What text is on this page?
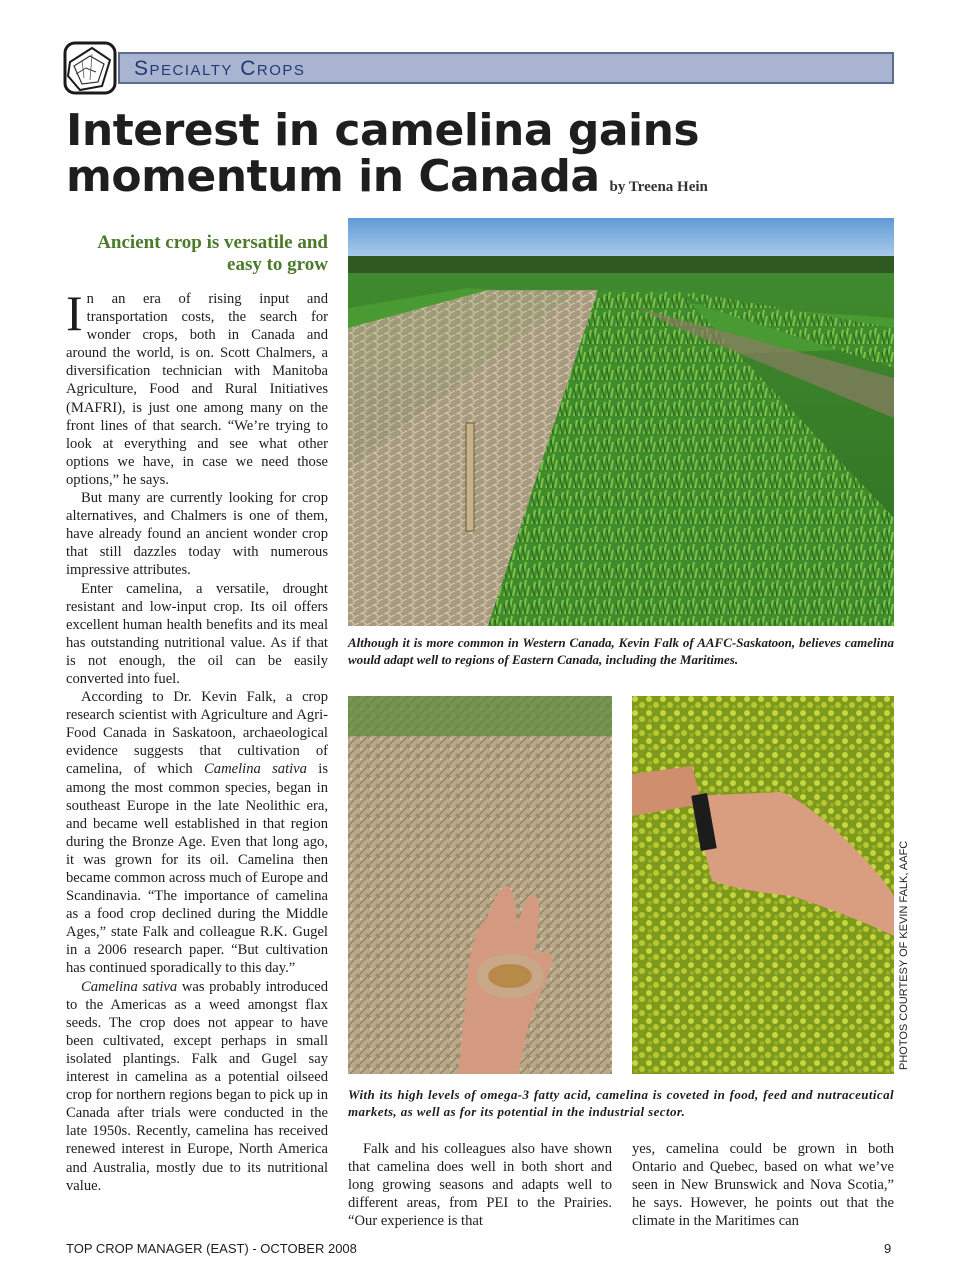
Specialty Crops
Interest in camelina gains momentum in Canada by Treena Hein
Ancient crop is versatile and easy to grow

In an era of rising input and transportation costs, the search for wonder crops, both in Canada and around the world, is on. Scott Chalmers, a diversification technician with Manitoba Agriculture, Food and Rural Initiatives (MAFRI), is just one among many on the front lines of that search. “We’re trying to look at everything and see what other options we have, in case we need those options,” he says.

But many are currently looking for crop alternatives, and Chalmers is one of them, have already found an ancient wonder crop that still dazzles today with numerous impressive attributes.

Enter camelina, a versatile, drought resistant and low-input crop. Its oil offers excellent human health benefits and its meal has outstanding nutritional value. As if that is not enough, the oil can be easily converted into fuel.

According to Dr. Kevin Falk, a crop research scientist with Agriculture and Agri-Food Canada in Saskatoon, archaeological evidence suggests that cultivation of camelina, of which Camelina sativa is among the most common species, began in southeast Europe in the late Neolithic era, and became well established in that region during the Bronze Age. Even that long ago, it was grown for its oil. Camelina then became common across much of Europe and Scandinavia. “The importance of camelina as a food crop declined during the Middle Ages,” state Falk and colleague R.K. Gugel in a 2006 research paper. “But cultivation has continued sporadically to this day.”

Camelina sativa was probably introduced to the Americas as a weed amongst flax seeds. The crop does not appear to have been cultivated, except perhaps in small isolated plantings. Falk and Gugel say interest in camelina as a potential oilseed crop for northern regions began to pick up in Canada after trials were conducted in the late 1950s. Recently, camelina has received renewed interest in Europe, North America and Australia, mostly due to its nutritional value.

Although it is more common in Western Canada, Kevin Falk of AAFC-Saskatoon, believes camelina would adapt well to regions of Eastern Canada, including the Maritimes.
With its high levels of omega-3 fatty acid, camelina is coveted in food, feed and nutraceutical markets, as well as for its potential in the industrial sector.
PHOTOS COURTESY OF KEVIN FALK, AAFC

Falk and his colleagues also have shown that camelina does well in both short and long growing seasons and adapts well to different areas, from PEI to the Prairies. “Our experience is that

yes, camelina could be grown in both Ontario and Quebec, based on what we’ve seen in New Brunswick and Nova Scotia,” he says. However, he points out that the climate in the Maritimes can

TOP CROP MANAGER (EAST) - OCTOBER 2008	9
